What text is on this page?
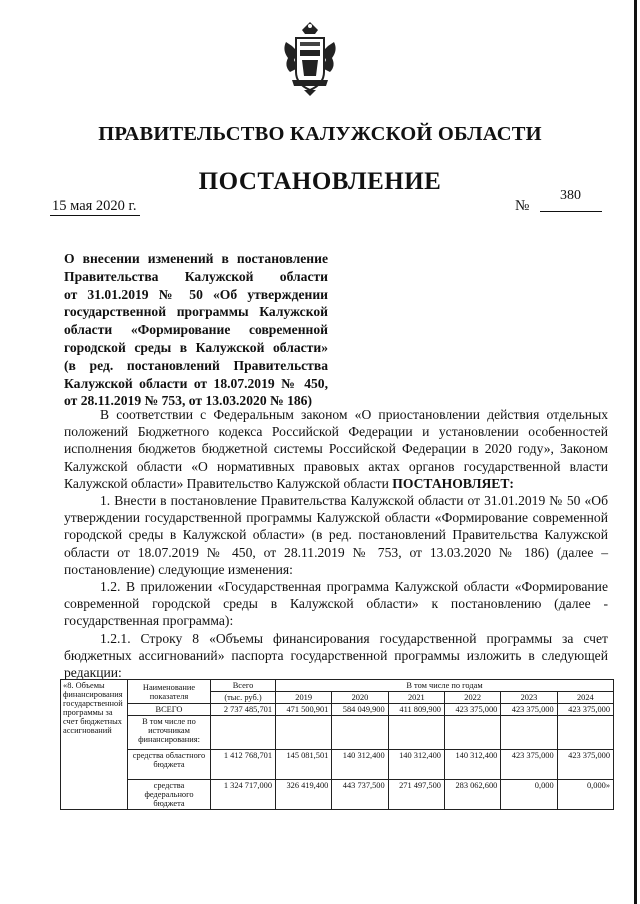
ПРАВИТЕЛЬСТВО КАЛУЖСКОЙ ОБЛАСТИ
ПОСТАНОВЛЕНИЕ
15 мая 2020 г.	№
380
О внесении изменений в постановление
Правительства Калужской области
от 31.01.2019 № 50 «Об утверждении
государственной программы Калужской
области «Формирование современной
городской среды в Калужской области»
(в ред. постановлений Правительства
Калужской области от 18.07.2019 № 450,
от 28.11.2019 № 753, от 13.03.2020 № 186)

В соответствии с Федеральным законом «О приостановлении действия отдельных положений Бюджетного кодекса Российской Федерации и установлении особенностей исполнения бюджетов бюджетной системы Российской Федерации в 2020 году», Законом Калужской области «О нормативных правовых актах органов государственной власти Калужской области» Правительство Калужской области ПОСТАНОВЛЯЕТ:

1. Внести в постановление Правительства Калужской области от 31.01.2019 № 50 «Об утверждении государственной программы Калужской области «Формирование современной городской среды в Калужской области» (в ред. постановлений Правительства Калужской области от 18.07.2019 № 450, от 28.11.2019 № 753, от 13.03.2020 № 186) (далее – постановление) следующие изменения:

1.2. В приложении «Государственная программа Калужской области «Формирование современной городской среды в Калужской области» к постановлению (далее - государственная программа):

1.2.1. Строку 8 «Объемы финансирования государственной программы за счет бюджетных ассигнований» паспорта государственной программы изложить в следующей редакции:

«8. Объемы финансирования государственной программы за счет бюджетных ассигнований	Наименование показателя	Всего	В том числе по годам					
		(тыс. руб.)	2019	2020	2021	2022	2023	2024
	ВСЕГО	2 737 485,701	471 500,901	584 049,900	411 809,900	423 375,000	423 375,000	423 375,000
	В том числе по источникам финансирования:							
	средства областного бюджета	1 412 768,701	145 081,501	140 312,400	140 312,400	140 312,400	423 375,000	423 375,000
	средства федерального бюджета	1 324 717,000	326 419,400	443 737,500	271 497,500	283 062,600	0,000	0,000»
